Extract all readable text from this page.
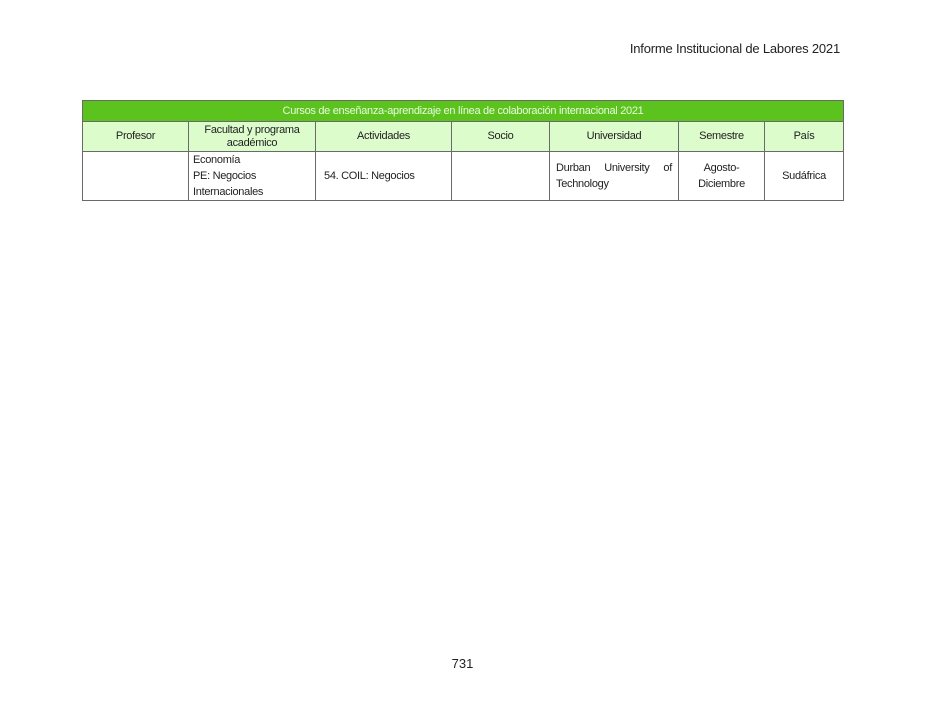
Informe Institucional de Labores 2021
Cursos de enseñanza-aprendizaje en línea de colaboración internacional 2021						
Profesor	Facultad y programa académico	Actividades	Socio	Universidad	Semestre	País

	Economía
PE: Negocios
Internacionales	54. COIL: Negocios		Durban University of Technology	Agosto-Diciembre	Sudáfrica
731
